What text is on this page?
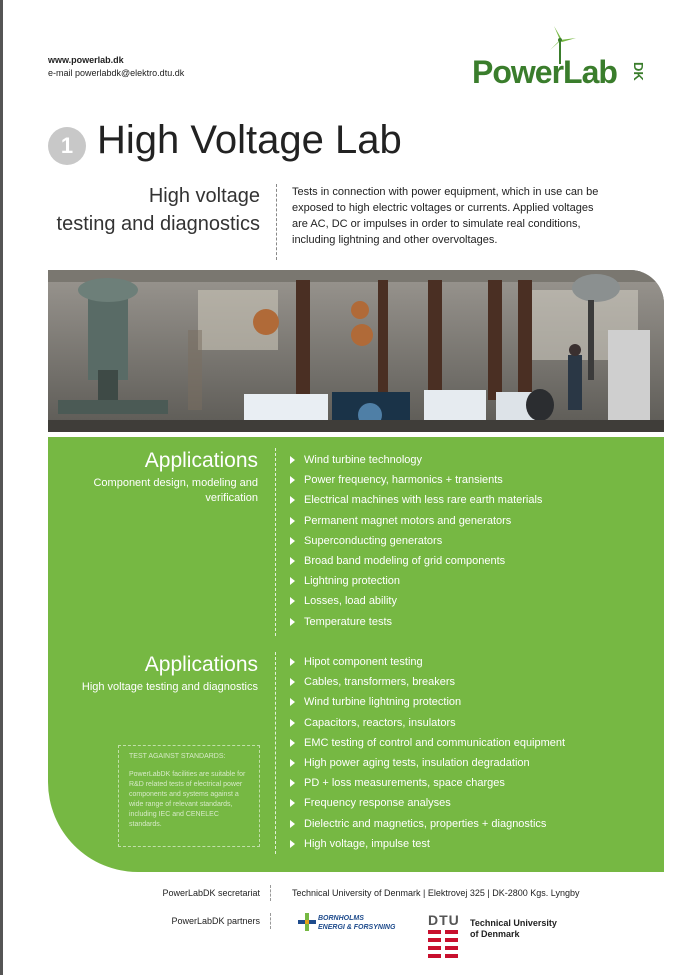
www.powerlab.dk
e-mail powerlabdk@elektro.dtu.dk	PowerLab DK
1 High Voltage Lab
High voltage
testing and diagnostics
Tests in connection with power equipment, which in use can be exposed to high electric voltages or currents. Applied voltages are AC, DC or impulses in order to simulate real conditions, including lightning and other overvoltages.
Applications
Component design, modeling and verification
Wind turbine technology
Power frequency, harmonics + transients
Electrical machines with less rare earth materials
Permanent magnet motors and generators
Superconducting generators
Broad band modeling of grid components
Lightning protection
Losses, load ability
Temperature tests
Applications
High voltage testing and diagnostics
Hipot component testing
Cables, transformers, breakers
Wind turbine lightning protection
Capacitors, reactors, insulators
EMC testing of control and communication equipment
High power aging tests, insulation degradation
PD + loss measurements, space charges
Frequency response analyses
Dielectric and magnetics, properties + diagnostics
High voltage, impulse test
TEST AGAINST STANDARDS:
PowerLabDK facilities are suitable for R&D related tests of electrical power components and systems against a wide range of relevant standards, including IEC and CENELEC standards.
PowerLabDK secretariat	Technical University of Denmark | Elektrovej 325 | DK-2800 Kgs. Lyngby
PowerLabDK partners	BORNHOLMS
ENERGI & FORSYNING DTU Technical University
of Denmark
